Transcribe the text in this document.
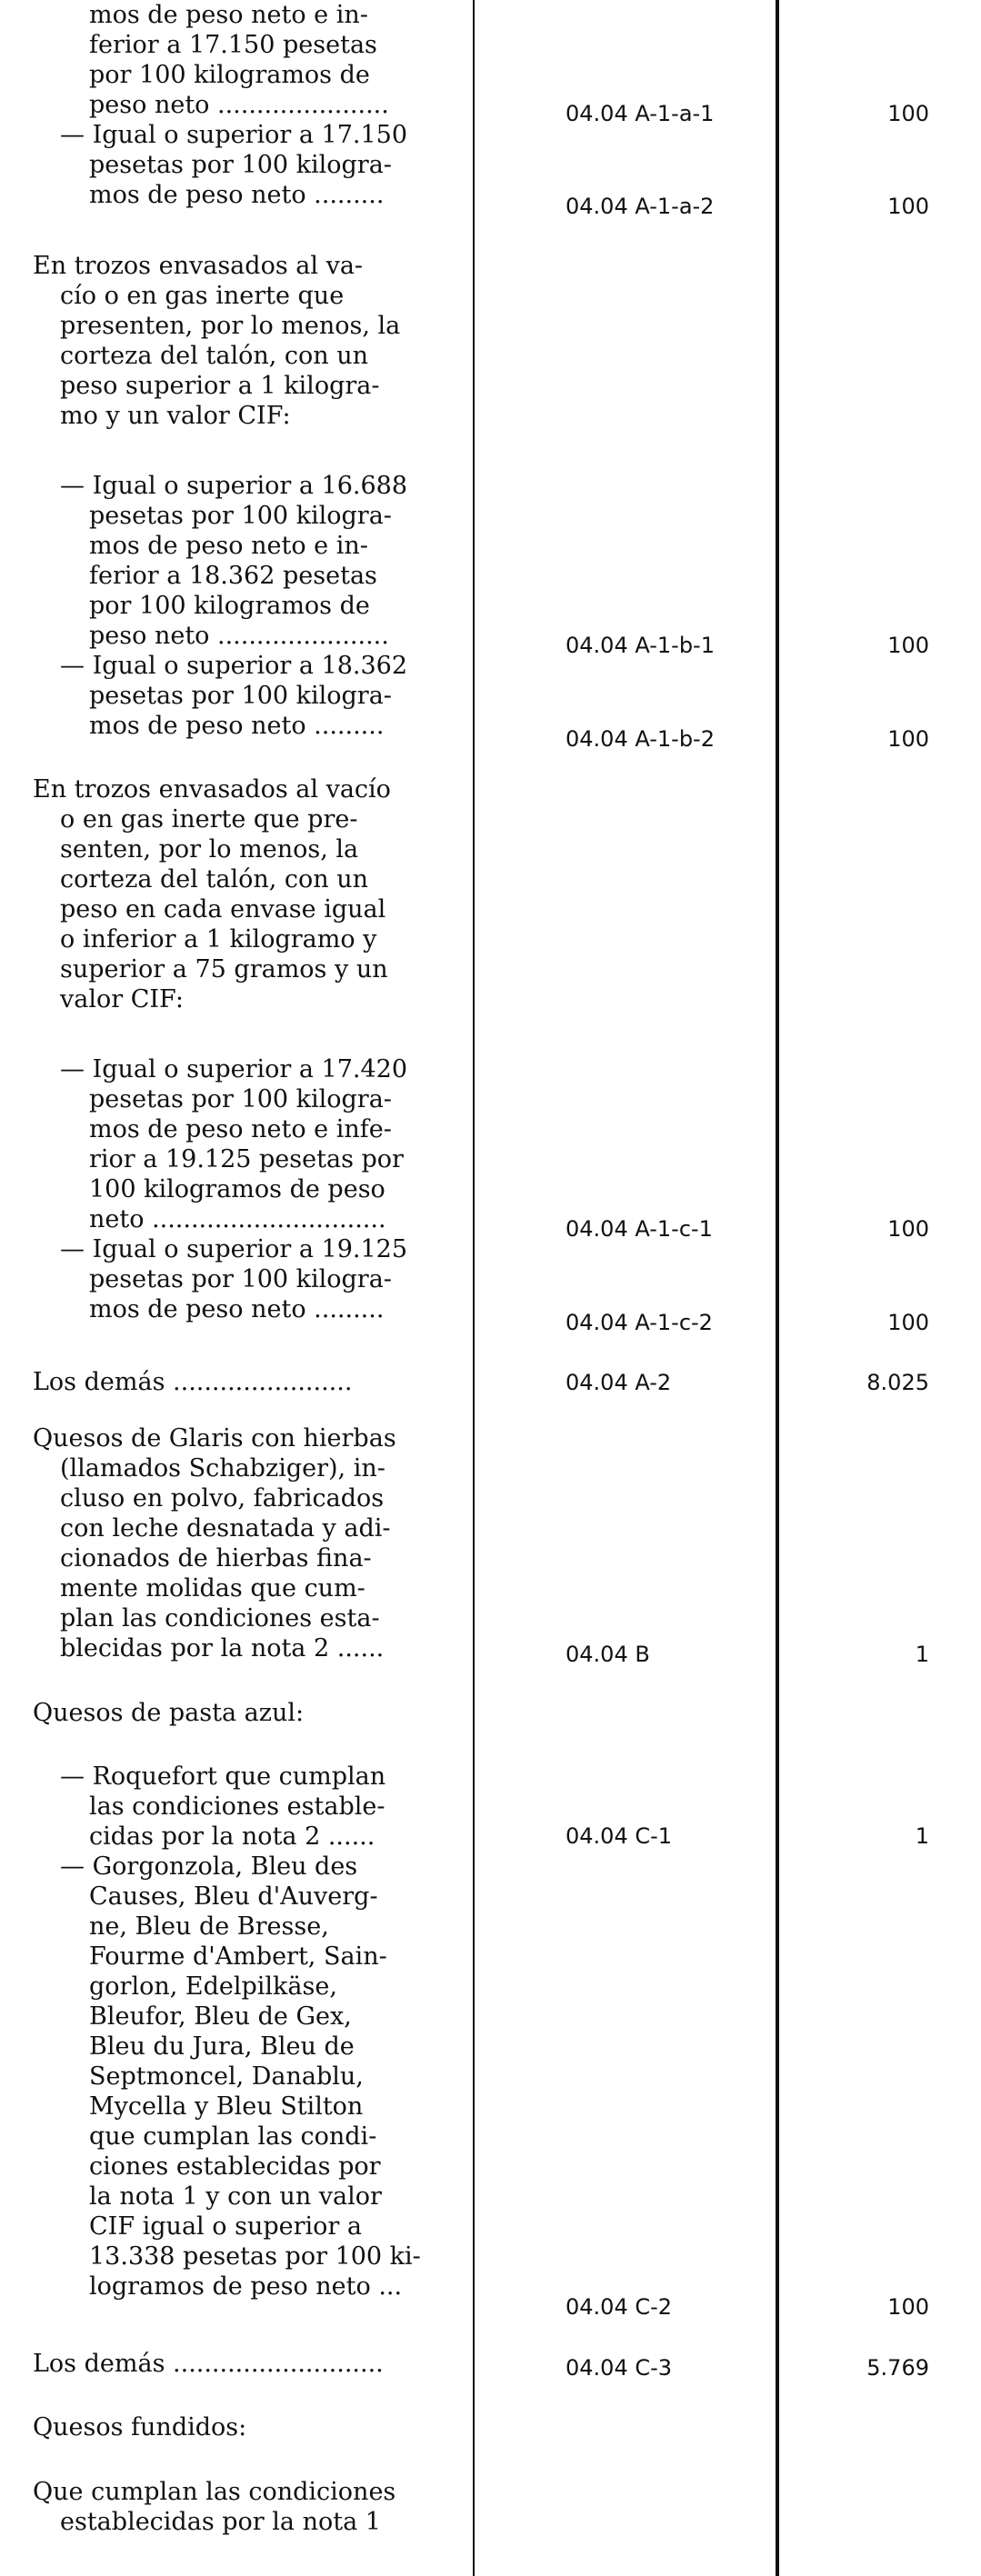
mos de peso neto e in-
ferior a 17.150 pesetas
por 100 kilogramos de
peso neto ......................
— Igual o superior a 17.150
pesetas por 100 kilogra-
mos de peso neto .........
En trozos envasados al va-
cío o en gas inerte que
presenten, por lo menos, la
corteza del talón, con un
peso superior a 1 kilogra-
mo y un valor CIF:
— Igual o superior a 16.688
pesetas por 100 kilogra-
mos de peso neto e in-
ferior a 18.362 pesetas
por 100 kilogramos de
peso neto ......................
— Igual o superior a 18.362
pesetas por 100 kilogra-
mos de peso neto .........
En trozos envasados al vacío
o en gas inerte que pre-
senten, por lo menos, la
corteza del talón, con un
peso en cada envase igual
o inferior a 1 kilogramo y
superior a 75 gramos y un
valor CIF:
— Igual o superior a 17.420
pesetas por 100 kilogra-
mos de peso neto e infe-
rior a 19.125 pesetas por
100 kilogramos de peso
neto ..............................
— Igual o superior a 19.125
pesetas por 100 kilogra-
mos de peso neto .........
Los demás .......................
Quesos de Glaris con hierbas
(llamados Schabziger), in-
cluso en polvo, fabricados
con leche desnatada y adi-
cionados de hierbas fina-
mente molidas que cum-
plan las condiciones esta-
blecidas por la nota 2 ......
Quesos de pasta azul:
— Roquefort que cumplan
las condiciones estable-
cidas por la nota 2 ......
— Gorgonzola, Bleu des
Causes, Bleu d'Auverg-
ne, Bleu de Bresse,
Fourme d'Ambert, Sain-
gorlon, Edelpilkäse,
Bleufor, Bleu de Gex,
Bleu du Jura, Bleu de
Septmoncel, Danablu,
Mycella y Bleu Stilton
que cumplan las condi-
ciones establecidas por
la nota 1 y con un valor
CIF igual o superior a
13.338 pesetas por 100 ki-
logramos de peso neto ...
Los demás ...........................
Quesos fundidos:
Que cumplan las condiciones
establecidas por la nota 1
04.04 A-1-a-1
04.04 A-1-a-2
04.04 A-1-b-1
04.04 A-1-b-2
04.04 A-1-c-1
04.04 A-1-c-2
04.04 A-2
04.04 B
04.04 C-1
04.04 C-2
04.04 C-3
100
100
100
100
100
100
8.025
1
1
100
5.769
